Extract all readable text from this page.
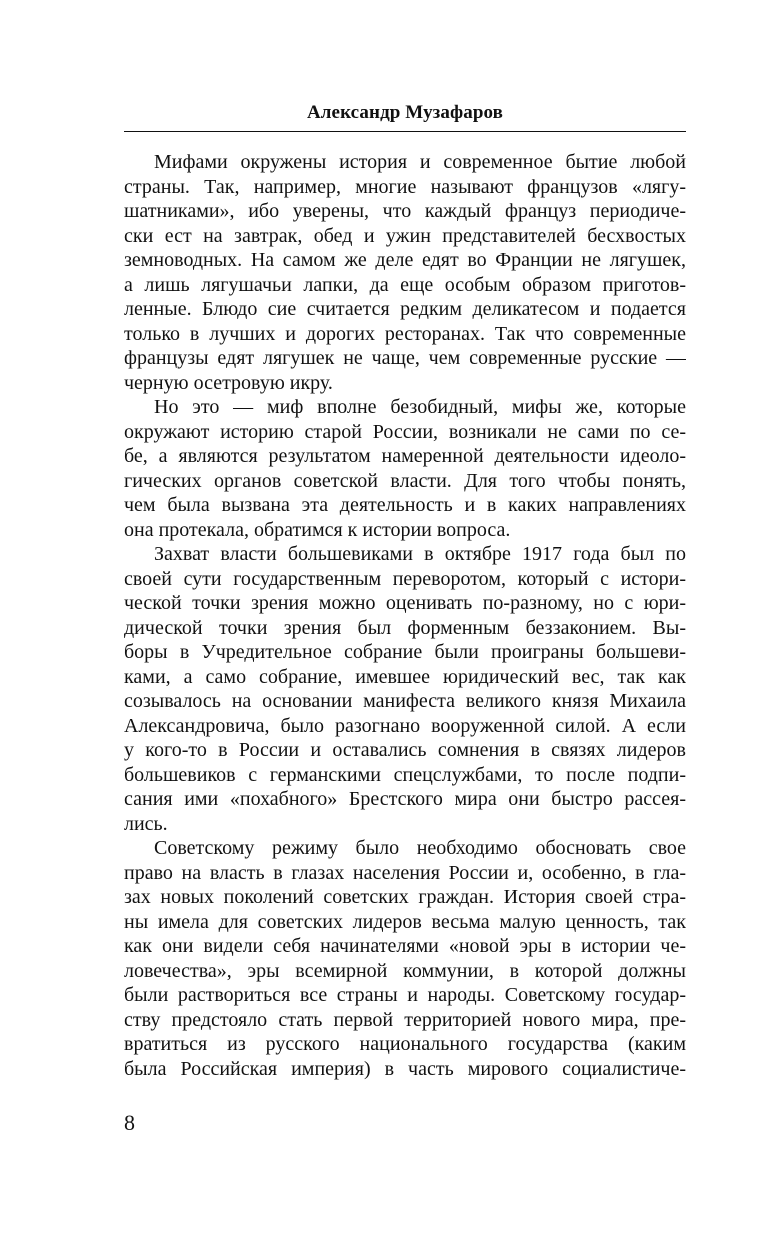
Александр Музафаров
Мифами окружены история и современное бытие любой
страны. Так, например, многие называют французов «лягу-
шатниками», ибо уверены, что каждый француз периодиче-
ски ест на завтрак, обед и ужин представителей бесхвостых
земноводных. На самом же деле едят во Франции не лягушек,
а лишь лягушачьи лапки, да еще особым образом приготов-
ленные. Блюдо сие считается редким деликатесом и подается
только в лучших и дорогих ресторанах. Так что современные
французы едят лягушек не чаще, чем современные русские —
черную осетровую икру.
Но это — миф вполне безобидный, мифы же, которые
окружают историю старой России, возникали не сами по се-
бе, а являются результатом намеренной деятельности идеоло-
гических органов советской власти. Для того чтобы понять,
чем была вызвана эта деятельность и в каких направлениях
она протекала, обратимся к истории вопроса.
Захват власти большевиками в октябре 1917 года был по
своей сути государственным переворотом, который с истори-
ческой точки зрения можно оценивать по-разному, но с юри-
дической точки зрения был форменным беззаконием. Вы-
боры в Учредительное собрание были проиграны большеви-
ками, а само собрание, имевшее юридический вес, так как
созывалось на основании манифеста великого князя Михаила
Александровича, было разогнано вооруженной силой. А если
у кого-то в России и оставались сомнения в связях лидеров
большевиков с германскими спецслужбами, то после подпи-
сания ими «похабного» Брестского мира они быстро рассея-
лись.
Советскому режиму было необходимо обосновать свое
право на власть в глазах населения России и, особенно, в гла-
зах новых поколений советских граждан. История своей стра-
ны имела для советских лидеров весьма малую ценность, так
как они видели себя начинателями «новой эры в истории че-
ловечества», эры всемирной коммунии, в которой должны
были раствориться все страны и народы. Советскому государ-
ству предстояло стать первой территорией нового мира, пре-
вратиться из русского национального государства (каким
была Российская империя) в часть мирового социалистиче-
8
